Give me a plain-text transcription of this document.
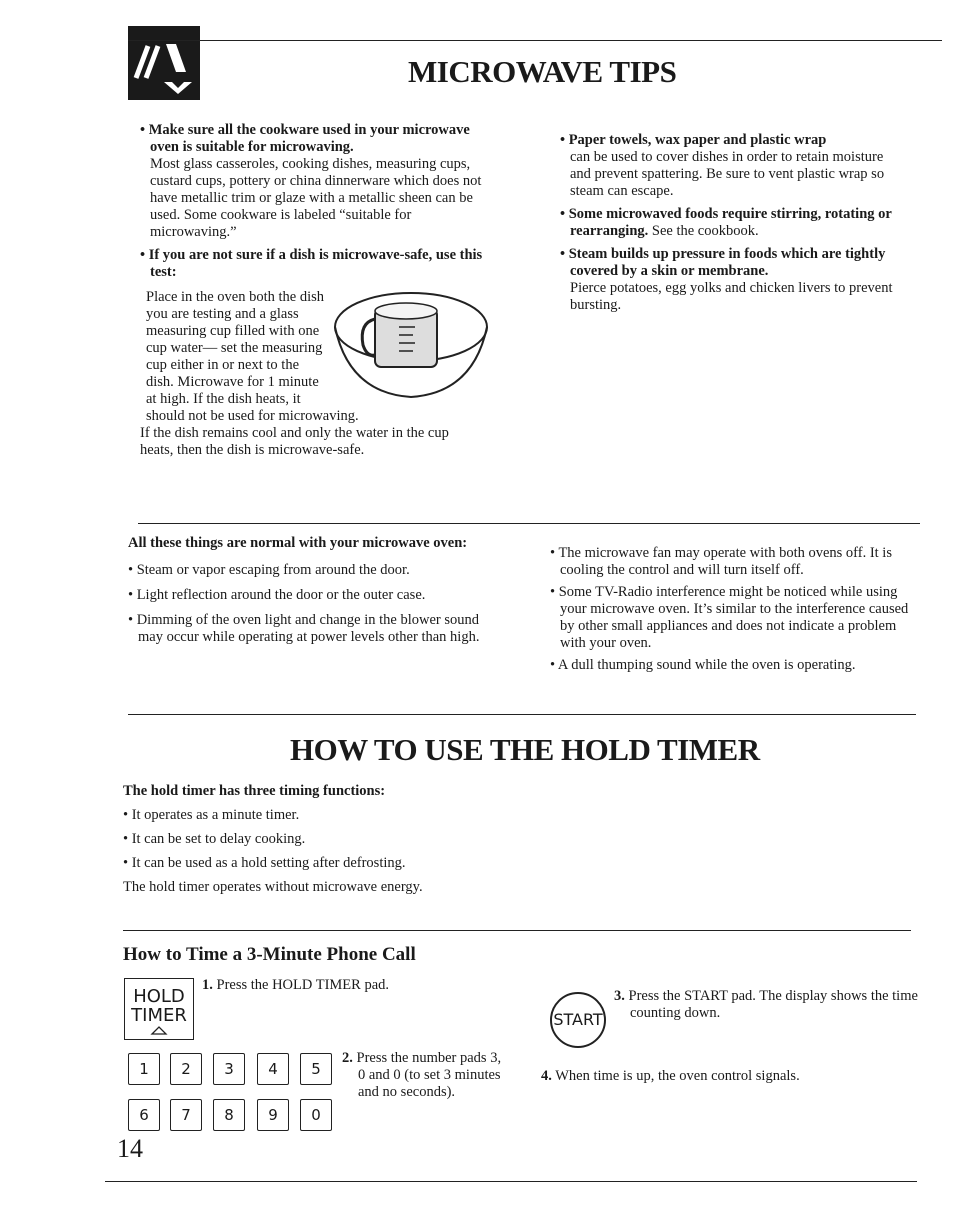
MICROWAVE TIPS
• Make sure all the cookware used in your microwave oven is suitable for microwaving.

Most glass casseroles, cooking dishes, measuring cups, custard cups, pottery or china dinnerware which does not have metallic trim or glaze with a metallic sheen can be used. Some cookware is labeled “suitable for microwaving.”

• If you are not sure if a dish is microwave-safe, use this test:
Place in the oven both the dish you are testing and a glass measuring cup filled with one cup water— set the measuring cup either in or next to the dish. Microwave for 1 minute at high. If the dish heats, it should not be used for microwaving.
If the dish remains cool and only the water in the cup heats, then the dish is microwave-safe.
• Paper towels, wax paper and plastic wrap

can be used to cover dishes in order to retain moisture and prevent spattering. Be sure to vent plastic wrap so steam can escape.

• Some microwaved foods require stirring, rotating or rearranging. See the cookbook.

• Steam builds up pressure in foods which are tightly covered by a skin or membrane.

Pierce potatoes, egg yolks and chicken livers to prevent bursting.

All these things are normal with your microwave oven:

• Steam or vapor escaping from around the door.

• Light reflection around the door or the outer case.

• Dimming of the oven light and change in the blower sound may occur while operating at power levels other than high.

• The microwave fan may operate with both ovens off. It is cooling the control and will turn itself off.

• Some TV-Radio interference might be noticed while using your microwave oven. It’s similar to the interference caused by other small appliances and does not indicate a problem with your oven.

• A dull thumping sound while the oven is operating.

HOW TO USE THE HOLD TIMER

The hold timer has three timing functions:

• It operates as a minute timer.

• It can be set to delay cooking.

• It can be used as a hold setting after defrosting.

The hold timer operates without microwave energy.

How to Time a 3-Minute Phone Call
HOLD
TIMER
1. Press the HOLD TIMER pad.
1	2	3	4	5
6	7	8	9	0
2. Press the number pads 3, 0 and 0 (to set 3 minutes and no seconds).
START
3. Press the START pad. The display shows the time counting down.
4. When time is up, the oven control signals.
14
